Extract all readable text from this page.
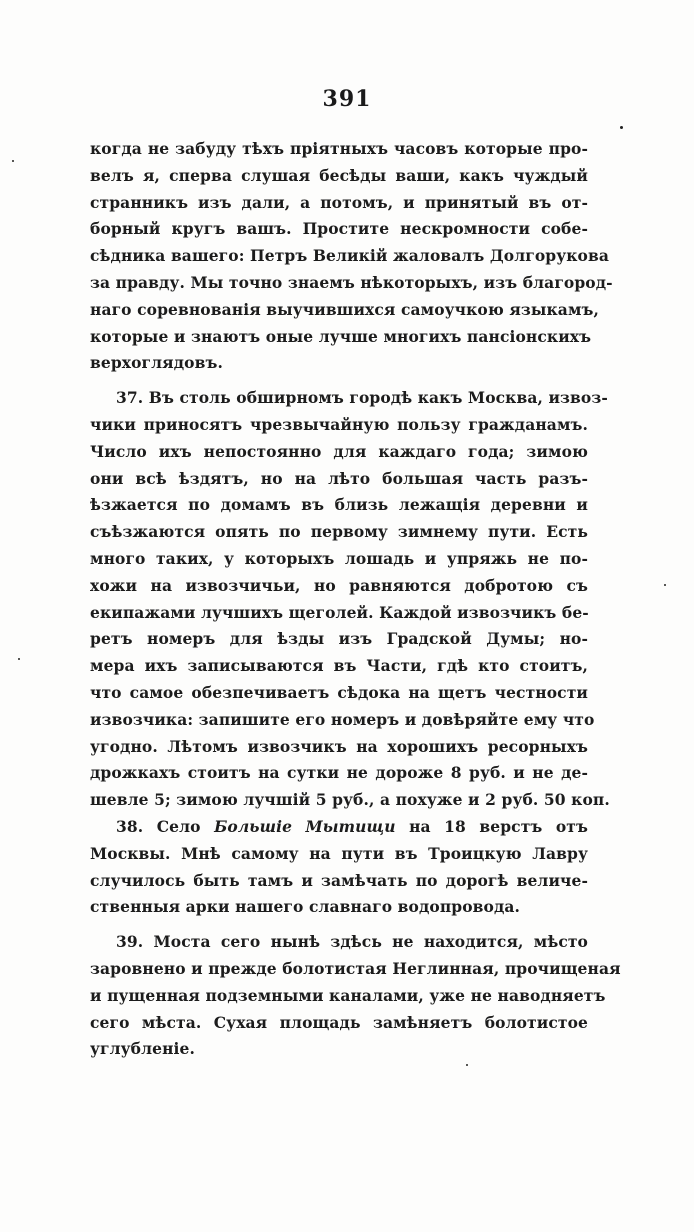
391
когда не забуду тѣхъ пріятныхъ часовъ которые про-
велъ я, сперва слушая бесѣды ваши, какъ чуждый
странникъ изъ дали, а потомъ, и принятый въ от-
борный кругъ вашъ. Простите нескромности собе-
сѣдника вашего: Петръ Великій жаловалъ Долгорукова
за правду. Мы точно знаемъ нѣкоторыхъ, изъ благород-
наго соревнованія выучившихся самоучкою языкамъ,
которые и знаютъ оные лучше многихъ пансіонскихъ
верхоглядовъ.
37. Въ столь обширномъ городѣ какъ Москва, извоз-
чики приносятъ чрезвычайную пользу гражданамъ.
Число ихъ непостоянно для каждаго года; зимою
они всѣ ѣздятъ, но на лѣто большая часть разъ-
ѣзжается по домамъ въ близь лежащія деревни и
съѣзжаются опять по первому зимнему пути. Есть
много таких, у которыхъ лошадь и упряжь не по-
хожи на извозчичьи, но равняются добротою съ
екипажами лучшихъ щеголей. Каждой извозчикъ бе-
ретъ номеръ для ѣзды изъ Градской Думы; но-
мера ихъ записываются въ Части, гдѣ кто стоитъ,
что самое обезпечиваетъ сѣдока на щетъ честности
извозчика: запишите его номеръ и довѣряйте ему что
угодно. Лѣтомъ извозчикъ на хорошихъ ресорныхъ
дрожкахъ стоитъ на сутки не дороже 8 руб. и не де-
шевле 5; зимою лучшій 5 руб., а похуже и 2 руб. 50 коп.
38. Село Большіе Мытищи на 18 верстъ отъ
Москвы. Мнѣ самому на пути въ Троицкую Лавру
случилось быть тамъ и замѣчать по дорогѣ величе-
ственныя арки нашего славнаго водопровода.
39. Моста сего нынѣ здѣсь не находится, мѣсто
заровнено и прежде болотистая Неглинная, прочищеная
и пущенная подземными каналами, уже не наводняетъ
сего мѣста. Сухая площадь замѣняетъ болотистое
углубленіе.
